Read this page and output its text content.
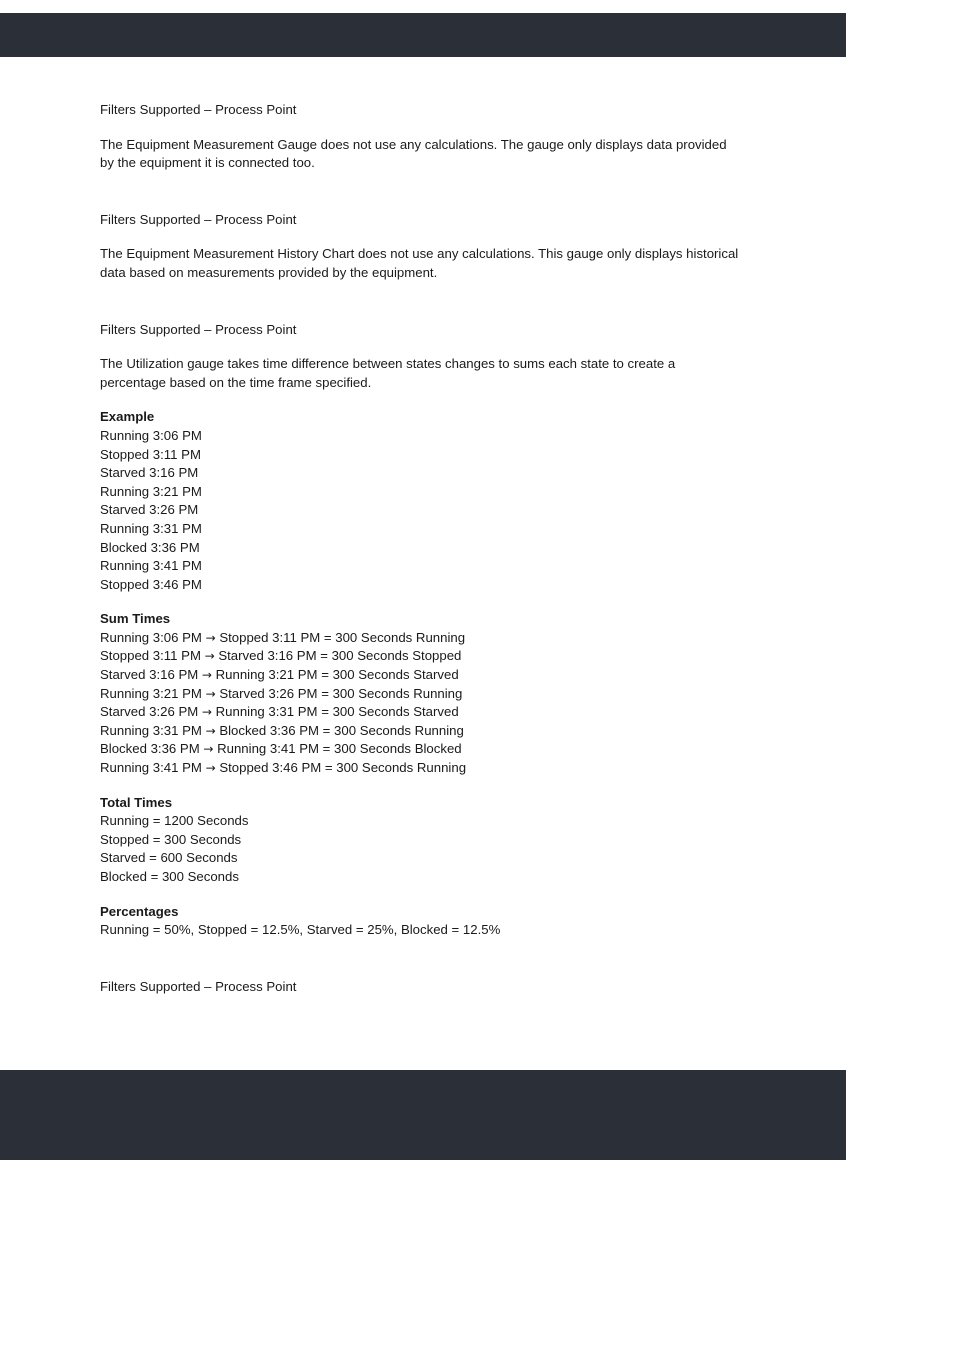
Filters Supported – Process Point

The Equipment Measurement Gauge does not use any calculations. The gauge only displays data provided by the equipment it is connected too.

Filters Supported – Process Point

The Equipment Measurement History Chart does not use any calculations. This gauge only displays historical data based on measurements provided by the equipment.

Filters Supported – Process Point

The Utilization gauge takes time difference between states changes to sums each state to create a percentage based on the time frame specified.

Example

Running 3:06 PM
Stopped 3:11 PM
Starved 3:16 PM
Running 3:21 PM
Starved 3:26 PM
Running 3:31 PM
Blocked 3:36 PM
Running 3:41 PM
Stopped 3:46 PM

Sum Times

Running 3:06 PM → Stopped 3:11 PM = 300 Seconds Running
Stopped 3:11 PM → Starved 3:16 PM = 300 Seconds Stopped
Starved 3:16 PM → Running 3:21 PM = 300 Seconds Starved
Running 3:21 PM → Starved 3:26 PM = 300 Seconds Running
Starved 3:26 PM → Running 3:31 PM = 300 Seconds Starved
Running 3:31 PM → Blocked 3:36 PM = 300 Seconds Running
Blocked 3:36 PM → Running 3:41 PM = 300 Seconds Blocked
Running 3:41 PM → Stopped 3:46 PM = 300 Seconds Running

Total Times

Running = 1200 Seconds
Stopped = 300 Seconds
Starved = 600 Seconds
Blocked = 300 Seconds

Percentages

Running = 50%, Stopped = 12.5%, Starved = 25%, Blocked = 12.5%

Filters Supported – Process Point
